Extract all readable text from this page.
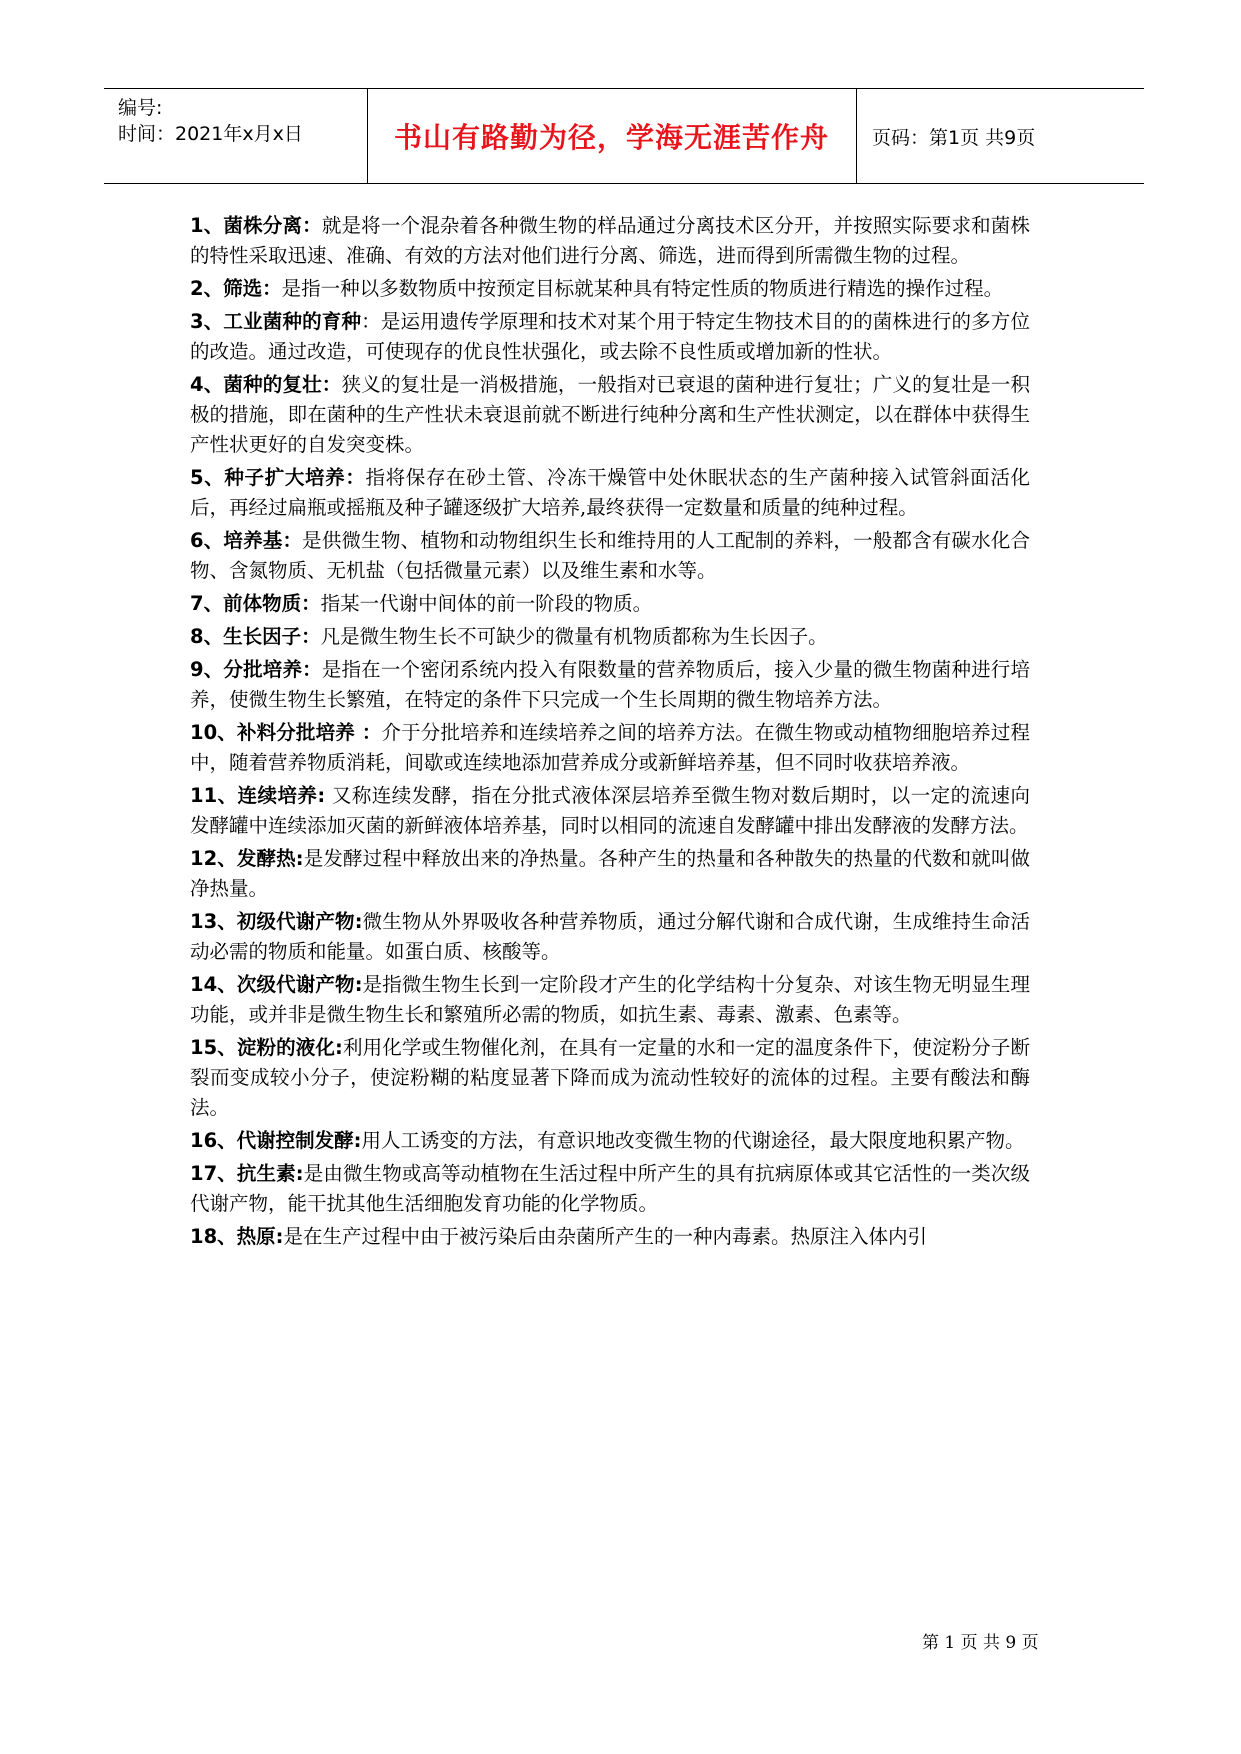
编号:
时间：2021年x月x日	书山有路勤为径，学海无涯苦作舟	页码：第1页 共9页

1、菌株分离：就是将一个混杂着各种微生物的样品通过分离技术区分开，并按照实际要求和菌株的特性采取迅速、准确、有效的方法对他们进行分离、筛选，进而得到所需微生物的过程。

2、筛选：是指一种以多数物质中按预定目标就某种具有特定性质的物质进行精选的操作过程。

3、工业菌种的育种：是运用遗传学原理和技术对某个用于特定生物技术目的的菌株进行的多方位的改造。通过改造，可使现存的优良性状强化，或去除不良性质或增加新的性状。

4、菌种的复壮：狭义的复壮是一消极措施，一般指对已衰退的菌种进行复壮；广义的复壮是一积极的措施，即在菌种的生产性状未衰退前就不断进行纯种分离和生产性状测定，以在群体中获得生产性状更好的自发突变株。

5、种子扩大培养：指将保存在砂土管、冷冻干燥管中处休眠状态的生产菌种接入试管斜面活化后，再经过扁瓶或摇瓶及种子罐逐级扩大培养,最终获得一定数量和质量的纯种过程。

6、培养基：是供微生物、植物和动物组织生长和维持用的人工配制的养料，一般都含有碳水化合物、含氮物质、无机盐（包括微量元素）以及维生素和水等。

7、前体物质：指某一代谢中间体的前一阶段的物质。

8、生长因子：凡是微生物生长不可缺少的微量有机物质都称为生长因子。

9、分批培养：是指在一个密闭系统内投入有限数量的营养物质后，接入少量的微生物菌种进行培养，使微生物生长繁殖，在特定的条件下只完成一个生长周期的微生物培养方法。

10、补料分批培养 ：介于分批培养和连续培养之间的培养方法。在微生物或动植物细胞培养过程中，随着营养物质消耗，间歇或连续地添加营养成分或新鲜培养基，但不同时收获培养液。

11、连续培养: 又称连续发酵，指在分批式液体深层培养至微生物对数后期时，以一定的流速向发酵罐中连续添加灭菌的新鲜液体培养基，同时以相同的流速自发酵罐中排出发酵液的发酵方法。

12、发酵热:是发酵过程中释放出来的净热量。各种产生的热量和各种散失的热量的代数和就叫做净热量。

13、初级代谢产物:微生物从外界吸收各种营养物质，通过分解代谢和合成代谢，生成维持生命活动必需的物质和能量。如蛋白质、核酸等。

14、次级代谢产物:是指微生物生长到一定阶段才产生的化学结构十分复杂、对该生物无明显生理功能，或并非是微生物生长和繁殖所必需的物质，如抗生素、毒素、激素、色素等。

15、淀粉的液化:利用化学或生物催化剂，在具有一定量的水和一定的温度条件下，使淀粉分子断裂而变成较小分子，使淀粉糊的粘度显著下降而成为流动性较好的流体的过程。主要有酸法和酶法。

16、代谢控制发酵:用人工诱变的方法，有意识地改变微生物的代谢途径，最大限度地积累产物。

17、抗生素:是由微生物或高等动植物在生活过程中所产生的具有抗病原体或其它活性的一类次级代谢产物，能干扰其他生活细胞发育功能的化学物质。

18、热原:是在生产过程中由于被污染后由杂菌所产生的一种内毒素。热原注入体内引

第 1 页 共 9 页
